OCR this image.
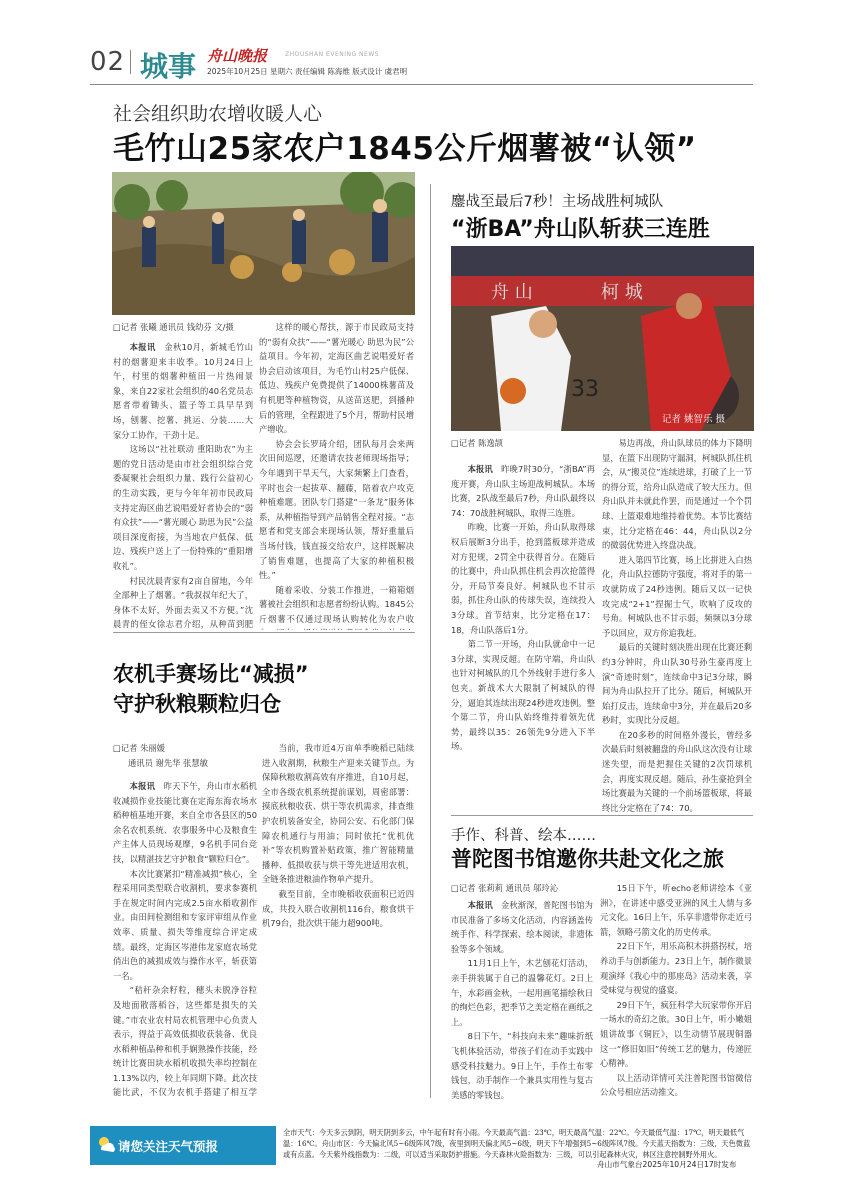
02 城事 舟山晚报	ZHOUSHAN EVENING NEWS
2025年10月25日 星期六 责任编辑 陈海维 版式设计 虞君明
社会组织助农增收暖人心
毛竹山25家农户1845公斤烟薯被“认领”
□记者 张曦 通讯员 钱幼芬 文/摄

本报讯  金秋10月，新城毛竹山村的烟薯迎来丰收季。10月24日上午，村里的烟薯种植田一片热闹景象，来自22家社会组织的40名党员志愿者带着锄头、篮子等工具早早到场，刨薯、挖薯、挑运、分装……大家分工协作，干劲十足。

这场以“社社联动 重阳助农”为主题的党日活动是由市社会组织综合党委凝聚社会组织力量、践行公益初心的生动实践，更与今年年初市民政局支持定海区曲艺说唱爱好者协会的“弱有众扶”——“薯光暖心 助思为民”公益项目深度衔接，为当地农户低保、低边、残疾户送上了一份特殊的“重阳增收礼”。

村民沈晨青家有2亩自留地，今年全部种上了烟薯。“我叔叔年纪大了，身体不太好，外面去卖又不方便。”沈晨青的侄女徐志君介绍，从种苗到肥

这样的暖心帮扶，源于市民政局支持的“弱有众扶”——“薯光暖心 助思为民”公益项目。今年初，定海区曲艺说唱爱好者协会启动该项目，为毛竹山村25户低保、低边、残疾户免费提供了14000株薯苗及有机肥等种植物资，从送苗送肥，到播种后的管理，全程跟进了5个月，帮助村民增产增收。

协会会长罗琦介绍，团队每月会来两次田间巡逻，还邀请农技老师现场指导；今年遇到干旱天气，大家频繁上门查看，平时也会一起拔草、翻藤，陪着农户攻克种植难题。团队专门搭建“一条龙”服务体系，从种植指导到产品销售全程对接。“志愿者和党支部会来现场认领，帮好重量后当场付钱，钱直接交给农户，这样既解决了销售难题，也提高了大家的种植积极性。”

随着采收、分装工作推进，一箱箱烟薯被社会组织和志愿者纷纷认购。1845公斤烟薯不仅通过现场认购转化为农户收

农机手赛场比“减损”
守护秋粮颗粒归仓
□记者 朱丽媛
通讯员 谢先华 张慧敏

本报讯  昨天下午，舟山市水稻机收减损作业技能比赛在定海东海农场水稻种植基地开赛，来自全市各县区的50余名农机系统、农事服务中心及粮食生产主体人员现场观摩，9名机手同台竞技，以精湛技艺守护粮食“颗粒归仓”。

本次比赛紧扣“精准减损”核心，全程采用同类型联合收割机，要求参赛机手在规定时间内完成2.5亩水稻收割作业。由田间检测组和专家评审组从作业效率、质量、损失等维度综合评定成绩。最终，定海区岑港伟龙家庭农场党俏出色的减损成效与操作水平，斩获第一名。

“秸秆杂余籽粒，穗头未脱净谷粒及地面散落稻谷，这些都是损失的关键。”市农业农村局农机管理中心负责人表示，得益于高效低损收获装备、优良水稻种植品种和机手娴熟操作技能，经统计比赛田块水稻机收损失率均控制在1.13%以内，较上年同期下降。此次技能比武，不仅为农机手搭建了相互学

当前，我市近4万亩单季晚稻已陆续进入收割期，秋粮生产迎来关键节点。为保障秋粮收割高效有序推进，自10月起，全市各级农机系统提前谋划，周密部署：摸底秋粮收获、烘干等农机需求，排查维护农机装备安全，协同公安、石化部门保障农机通行与用油；同时依托“优机优补”等农机购置补贴政策，推广智能精量播种、低损收获与烘干等先进适用农机，全链条推进粮油作物单产提升。

截至目前，全市晚稻收获面积已近四成，共投入联合收割机116台，粮食烘干机79台，批次烘干能力超900吨。

鏖战至最后7秒！主场战胜柯城队
“浙BA”舟山队斩获三连胜
舟 山	柯 城
33
记者 姚智乐 摄
□记者 陈逸颉

本报讯  昨晚7时30分，“浙BA”再度开赛，舟山队主场迎战柯城队。本场比赛，2队战至最后7秒，舟山队最终以74：70战胜柯城队，取得三连胜。

昨晚，比赛一开始，舟山队取得球权后展断3分出手，抢到篮板球并造成对方犯规，2罚全中获得首分。在随后的比赛中，舟山队抓住机会再次抢篮得分，开局节奏良好。柯城队也不甘示弱，抓住舟山队的传球失误，连续投入3分球。首节结束，比分定格在17：18，舟山队落后1分。

第二节一开场，舟山队就命中一记3分球，实现反超。在防守端，舟山队也针对柯城队的几个外线射手进行多人包夹。新战术大大限制了柯城队的得分，逼迫其连续出现24秒进攻违例。整个第二节，舟山队始终维持着领先优势，最终以35：26领先9分进入下半场。

易边再战，舟山队球员的体力下降明显，在篮下出现防守漏洞，柯城队抓住机会，从“搬灵位”连续进球，打破了上一节的得分荒，给舟山队造成了较大压力。但舟山队并未就此作罢，而是通过一个个罚球、上篮艰难地维持着优势。本节比赛结束，比分定格在46：44，舟山队以2分的微弱优势进入终盘决战。

进入第四节比赛，场上比拼进入白热化，舟山队拉德防守强度，将对手的第一攻就防成了24秒违例。随后又以一记快攻完成“2+1”捏掘士气，吹响了反攻的号角。柯城队也不甘示弱，频频以3分球予以回应，双方你追我赶。

最后的关键时刻决胜出现在比赛还剩约3分钟时，舟山队30号孙生豪再度上演“奇迹时刻”，连续命中3记3分球，瞬间为舟山队拉开了比分。随后，柯城队开始打反击，连续命中3分，并在最后20多秒时，实现比分反超。

在20多秒的时间格外漫长，曾经多次最后时刻被翻盘的舟山队这次没有让球迷失望，而是把握住关键的2次罚球机会，再度实现反超。随后，孙生豪抢到全场比赛最为关键的一个前场篮板球，将最终比分定格在了74：70。

手作、科普、绘本……
普陀图书馆邀你共赴文化之旅
□记者 张莉莉 通讯员 邬玲沁

本报讯  金秋渐深，普陀图书馆为市民准备了多场文化活动，内容涵盖传统手作、科学探索、绘本阅读，非遗体验等多个领域。

11月1日上午，木艺刨花灯活动，亲手拼装属于自己的温馨花灯。2日上午，水彩画金秋，一起用画笔描绘秋日的绚烂色彩，把季节之美定格在画纸之上。

8日下午，“科技向未来”趣味折纸飞机体验活动，带孩子们在动手实践中感受科技魅力。9日上午，手作土布零钱包，动手制作一个兼具实用性与复古美感的零钱包。

15日下午，听echo老师讲绘本《亚洲》，在讲述中感受亚洲的风土人情与多元文化。16日上午，乐享非遗带你走近弓箭，领略弓箭文化的历史传承。

22日下午，用乐高积木拼搭拐杖，培养动手与创新能力。23日上午，制作微景观演绎《我心中的那座岛》活动来袭，享受味觉与视觉的盛宴。

29日下午，疯狂科学大玩家带你开启一场水的奇幻之旅。30日上午，听小嫩姐姐讲故事《铜匠》，以生动情节展现铜器这一“修旧如旧”传统工艺的魅力，传递匠心精神。

以上活动详情可关注普陀图书馆微信公众号相应活动推文。

请您关注天气预报
全市天气：今天多云到阴，明天阴到多云，中午起有时有小雨。今天最高气温：23℃，明天最高气温：22℃。今天最低气温：17℃，明天最低气温：16℃。舟山市区：今天偏北风5~6级阵风7级，夜里到明天偏北风5~6级，明天下午增强到5~6级阵风7级。今天蓝天指数为：三级，天色微蓝或有点蓝。今天紫外线指数为：二级，可以适当采取防护措施。今天森林火险指数为：三级，可以引起森林火灾，林区注意控制野外用火。
舟山市气象台2025年10月24日17时发布
